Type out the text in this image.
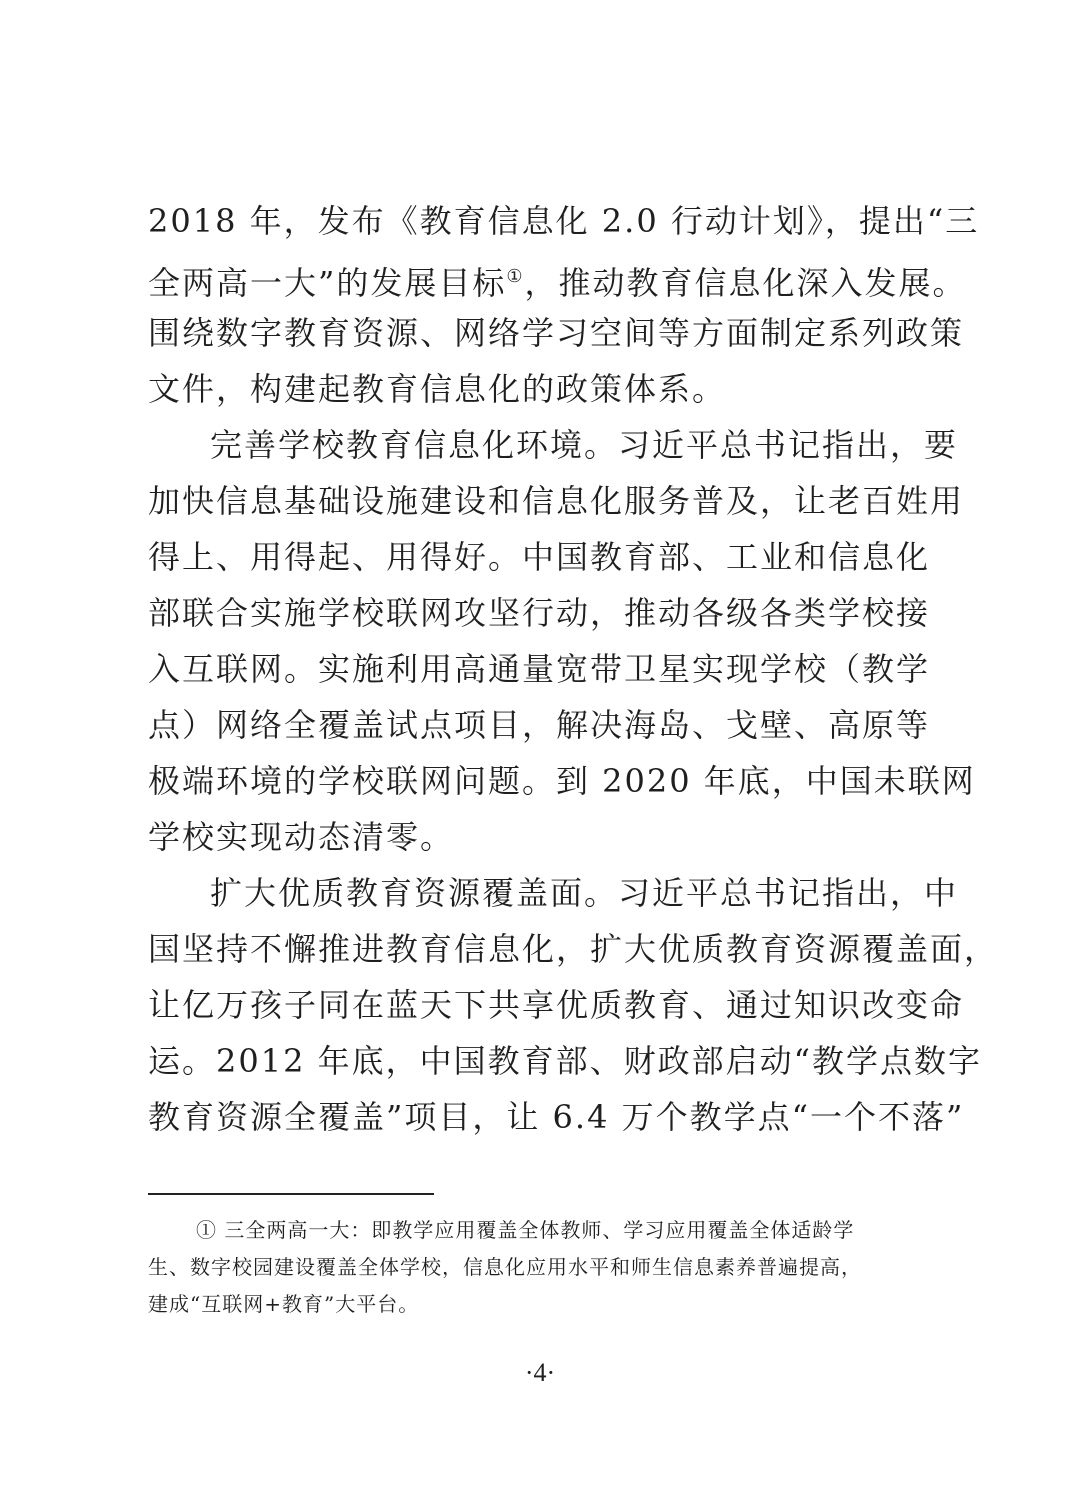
2018 年，发布《教育信息化 2.0 行动计划》，提出“三
全两高一大”的发展目标①，推动教育信息化深入发展。
围绕数字教育资源、网络学习空间等方面制定系列政策
文件，构建起教育信息化的政策体系。
完善学校教育信息化环境。习近平总书记指出，要
加快信息基础设施建设和信息化服务普及，让老百姓用
得上、用得起、用得好。中国教育部、工业和信息化
部联合实施学校联网攻坚行动，推动各级各类学校接
入互联网。实施利用高通量宽带卫星实现学校（教学
点）网络全覆盖试点项目，解决海岛、戈壁、高原等
极端环境的学校联网问题。到 2020 年底，中国未联网
学校实现动态清零。
扩大优质教育资源覆盖面。习近平总书记指出，中
国坚持不懈推进教育信息化，扩大优质教育资源覆盖面，
让亿万孩子同在蓝天下共享优质教育、通过知识改变命
运。2012 年底，中国教育部、财政部启动“教学点数字
教育资源全覆盖”项目，让 6.4 万个教学点“一个不落”
① 三全两高一大：即教学应用覆盖全体教师、学习应用覆盖全体适龄学
生、数字校园建设覆盖全体学校，信息化应用水平和师生信息素养普遍提高，
建成“互联网+教育”大平台。
·4·
